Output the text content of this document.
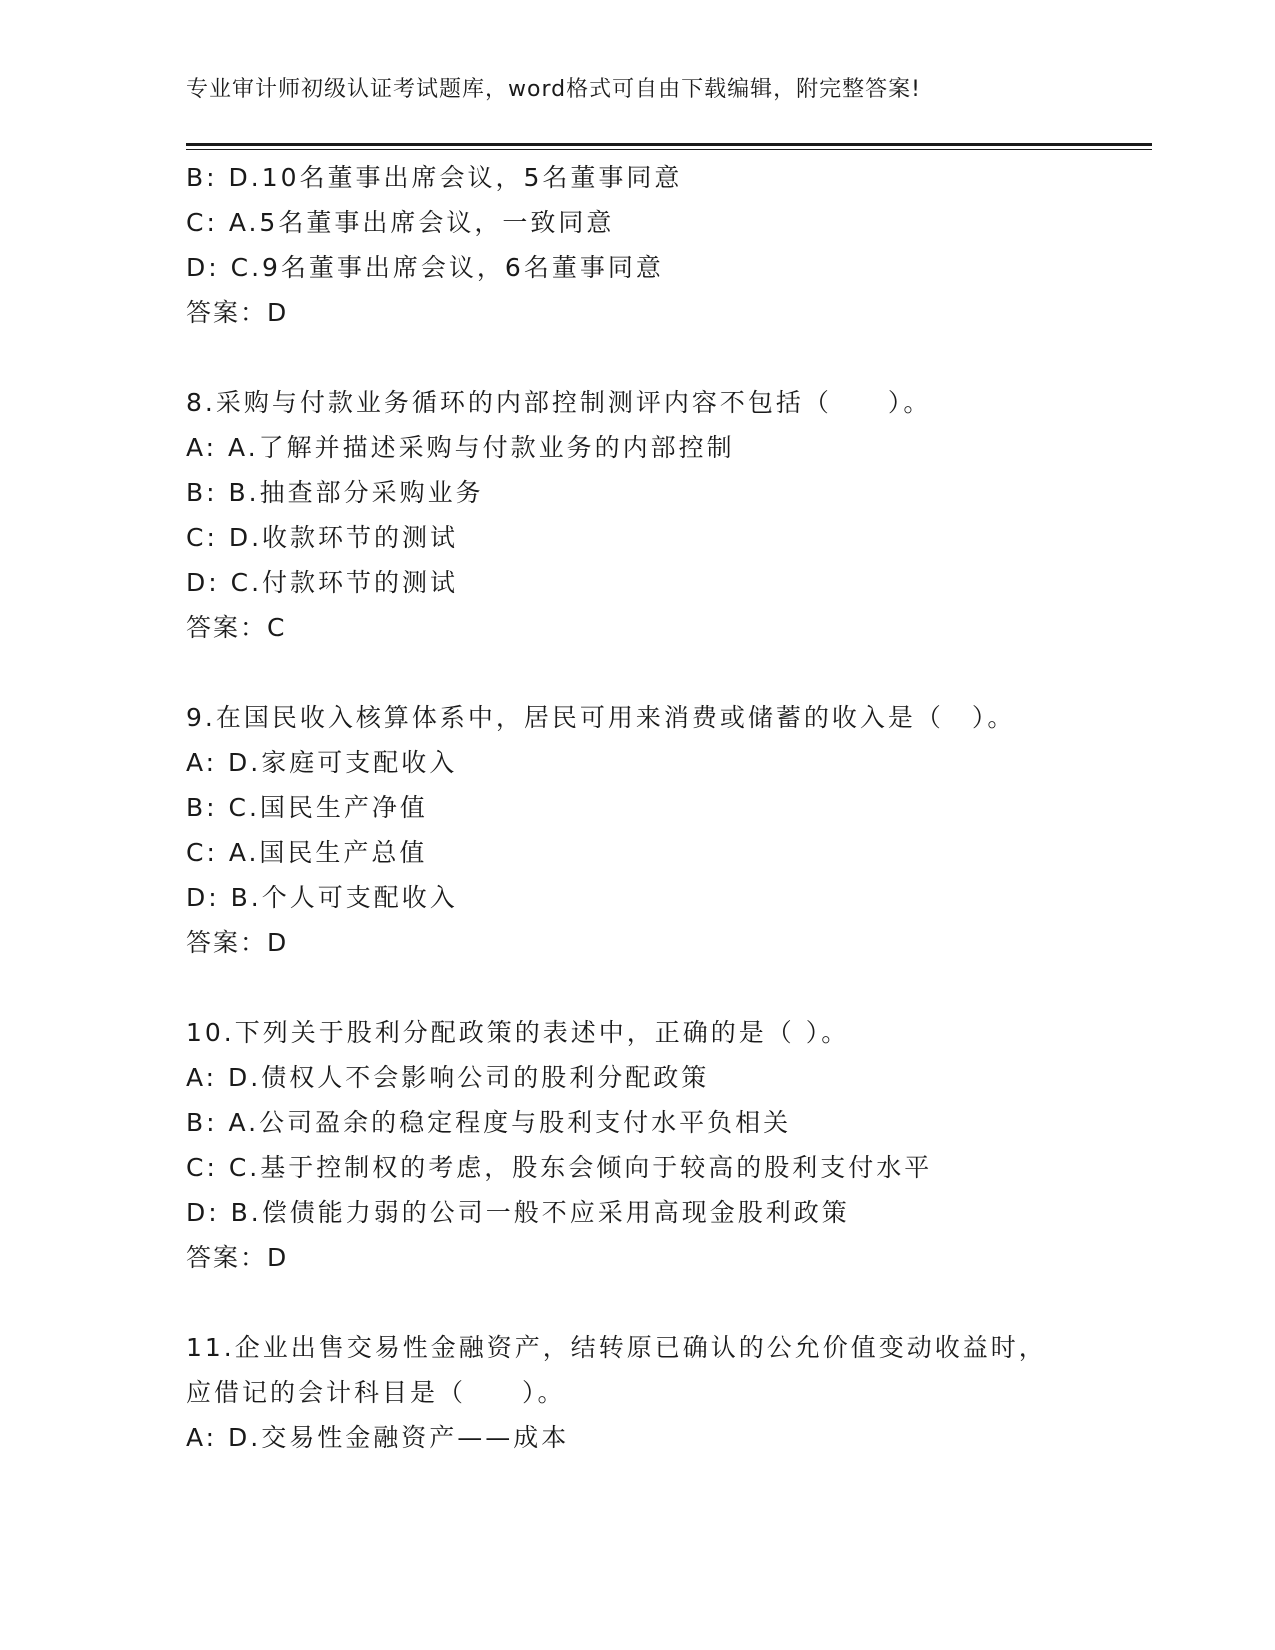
专业审计师初级认证考试题库，word格式可自由下载编辑，附完整答案!
B: D.10名董事出席会议，5名董事同意
C: A.5名董事出席会议，一致同意
D: C.9名董事出席会议，6名董事同意
答案：D
8.采购与付款业务循环的内部控制测评内容不包括（　　）。
A: A.了解并描述采购与付款业务的内部控制
B: B.抽查部分采购业务
C: D.收款环节的测试
D: C.付款环节的测试
答案：C
9.在国民收入核算体系中，居民可用来消费或储蓄的收入是（　）。
A: D.家庭可支配收入
B: C.国民生产净值
C: A.国民生产总值
D: B.个人可支配收入
答案：D
10.下列关于股利分配政策的表述中，正确的是（ ）。
A: D.债权人不会影响公司的股利分配政策
B: A.公司盈余的稳定程度与股利支付水平负相关
C: C.基于控制权的考虑，股东会倾向于较高的股利支付水平
D: B.偿债能力弱的公司一般不应采用高现金股利政策
答案：D
11.企业出售交易性金融资产，结转原已确认的公允价值变动收益时，
应借记的会计科目是（　　）。
A: D.交易性金融资产——成本
